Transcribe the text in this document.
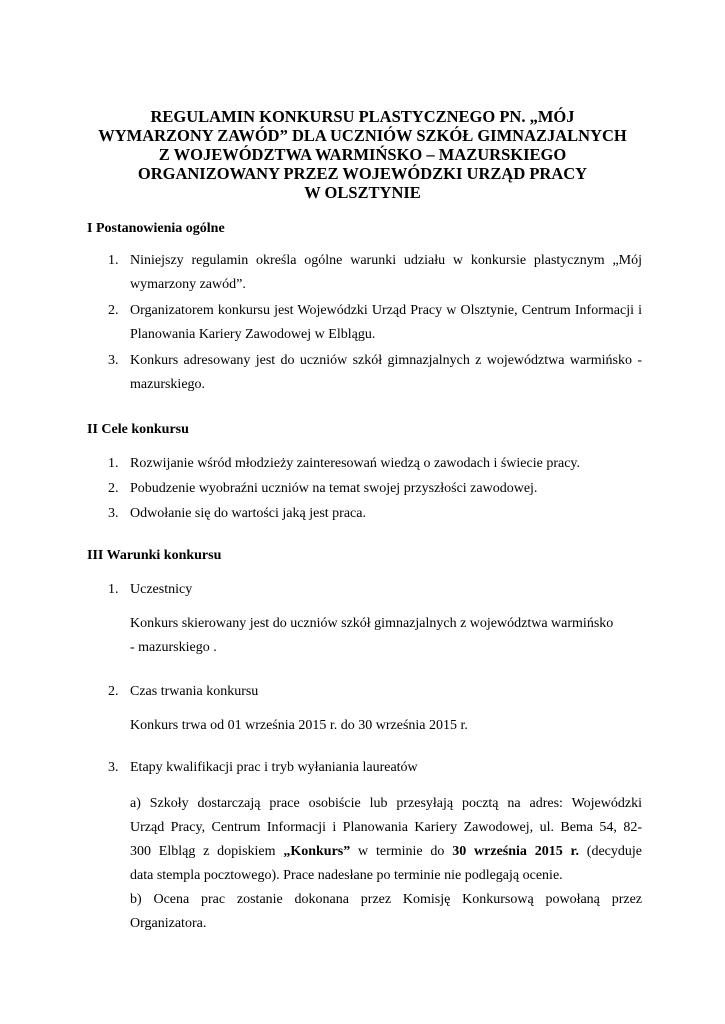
REGULAMIN KONKURSU PLASTYCZNEGO PN. „MÓJ
WYMARZONY ZAWÓD” DLA UCZNIÓW SZKÓŁ GIMNAZJALNYCH
Z WOJEWÓDZTWA WARMIŃSKO – MAZURSKIEGO
ORGANIZOWANY PRZEZ WOJEWÓDZKI URZĄD PRACY
W OLSZTYNIE
I Postanowienia ogólne
1. Niniejszy regulamin określa ogólne warunki udziału w konkursie plastycznym „Mój wymarzony zawód”.
2. Organizatorem konkursu jest Wojewódzki Urząd Pracy w Olsztynie, Centrum Informacji i Planowania Kariery Zawodowej w Elblągu.
3. Konkurs adresowany jest do uczniów szkół gimnazjalnych z województwa warmińsko - mazurskiego.
II Cele konkursu
1. Rozwijanie wśród młodzieży zainteresowań wiedzą o zawodach i świecie pracy.
2. Pobudzenie wyobraźni uczniów na temat swojej przyszłości zawodowej.
3. Odwołanie się do wartości jaką jest praca.
III Warunki konkursu
1. Uczestnicy
Konkurs skierowany jest do uczniów szkół gimnazjalnych z województwa warmińsko
- mazurskiego .
2. Czas trwania konkursu
Konkurs trwa od 01 września 2015 r. do 30 września 2015 r.
3. Etapy kwalifikacji prac i tryb wyłaniania laureatów
a) Szkoły dostarczają prace osobiście lub przesyłają pocztą na adres: Wojewódzki
Urząd Pracy, Centrum Informacji i Planowania Kariery Zawodowej, ul. Bema 54, 82-
300 Elbląg z dopiskiem „Konkurs” w terminie do 30 września 2015 r. (decyduje
data stempla pocztowego). Prace nadesłane po terminie nie podlegają ocenie.
b) Ocena prac zostanie dokonana przez Komisję Konkursową powołaną przez
Organizatora.
